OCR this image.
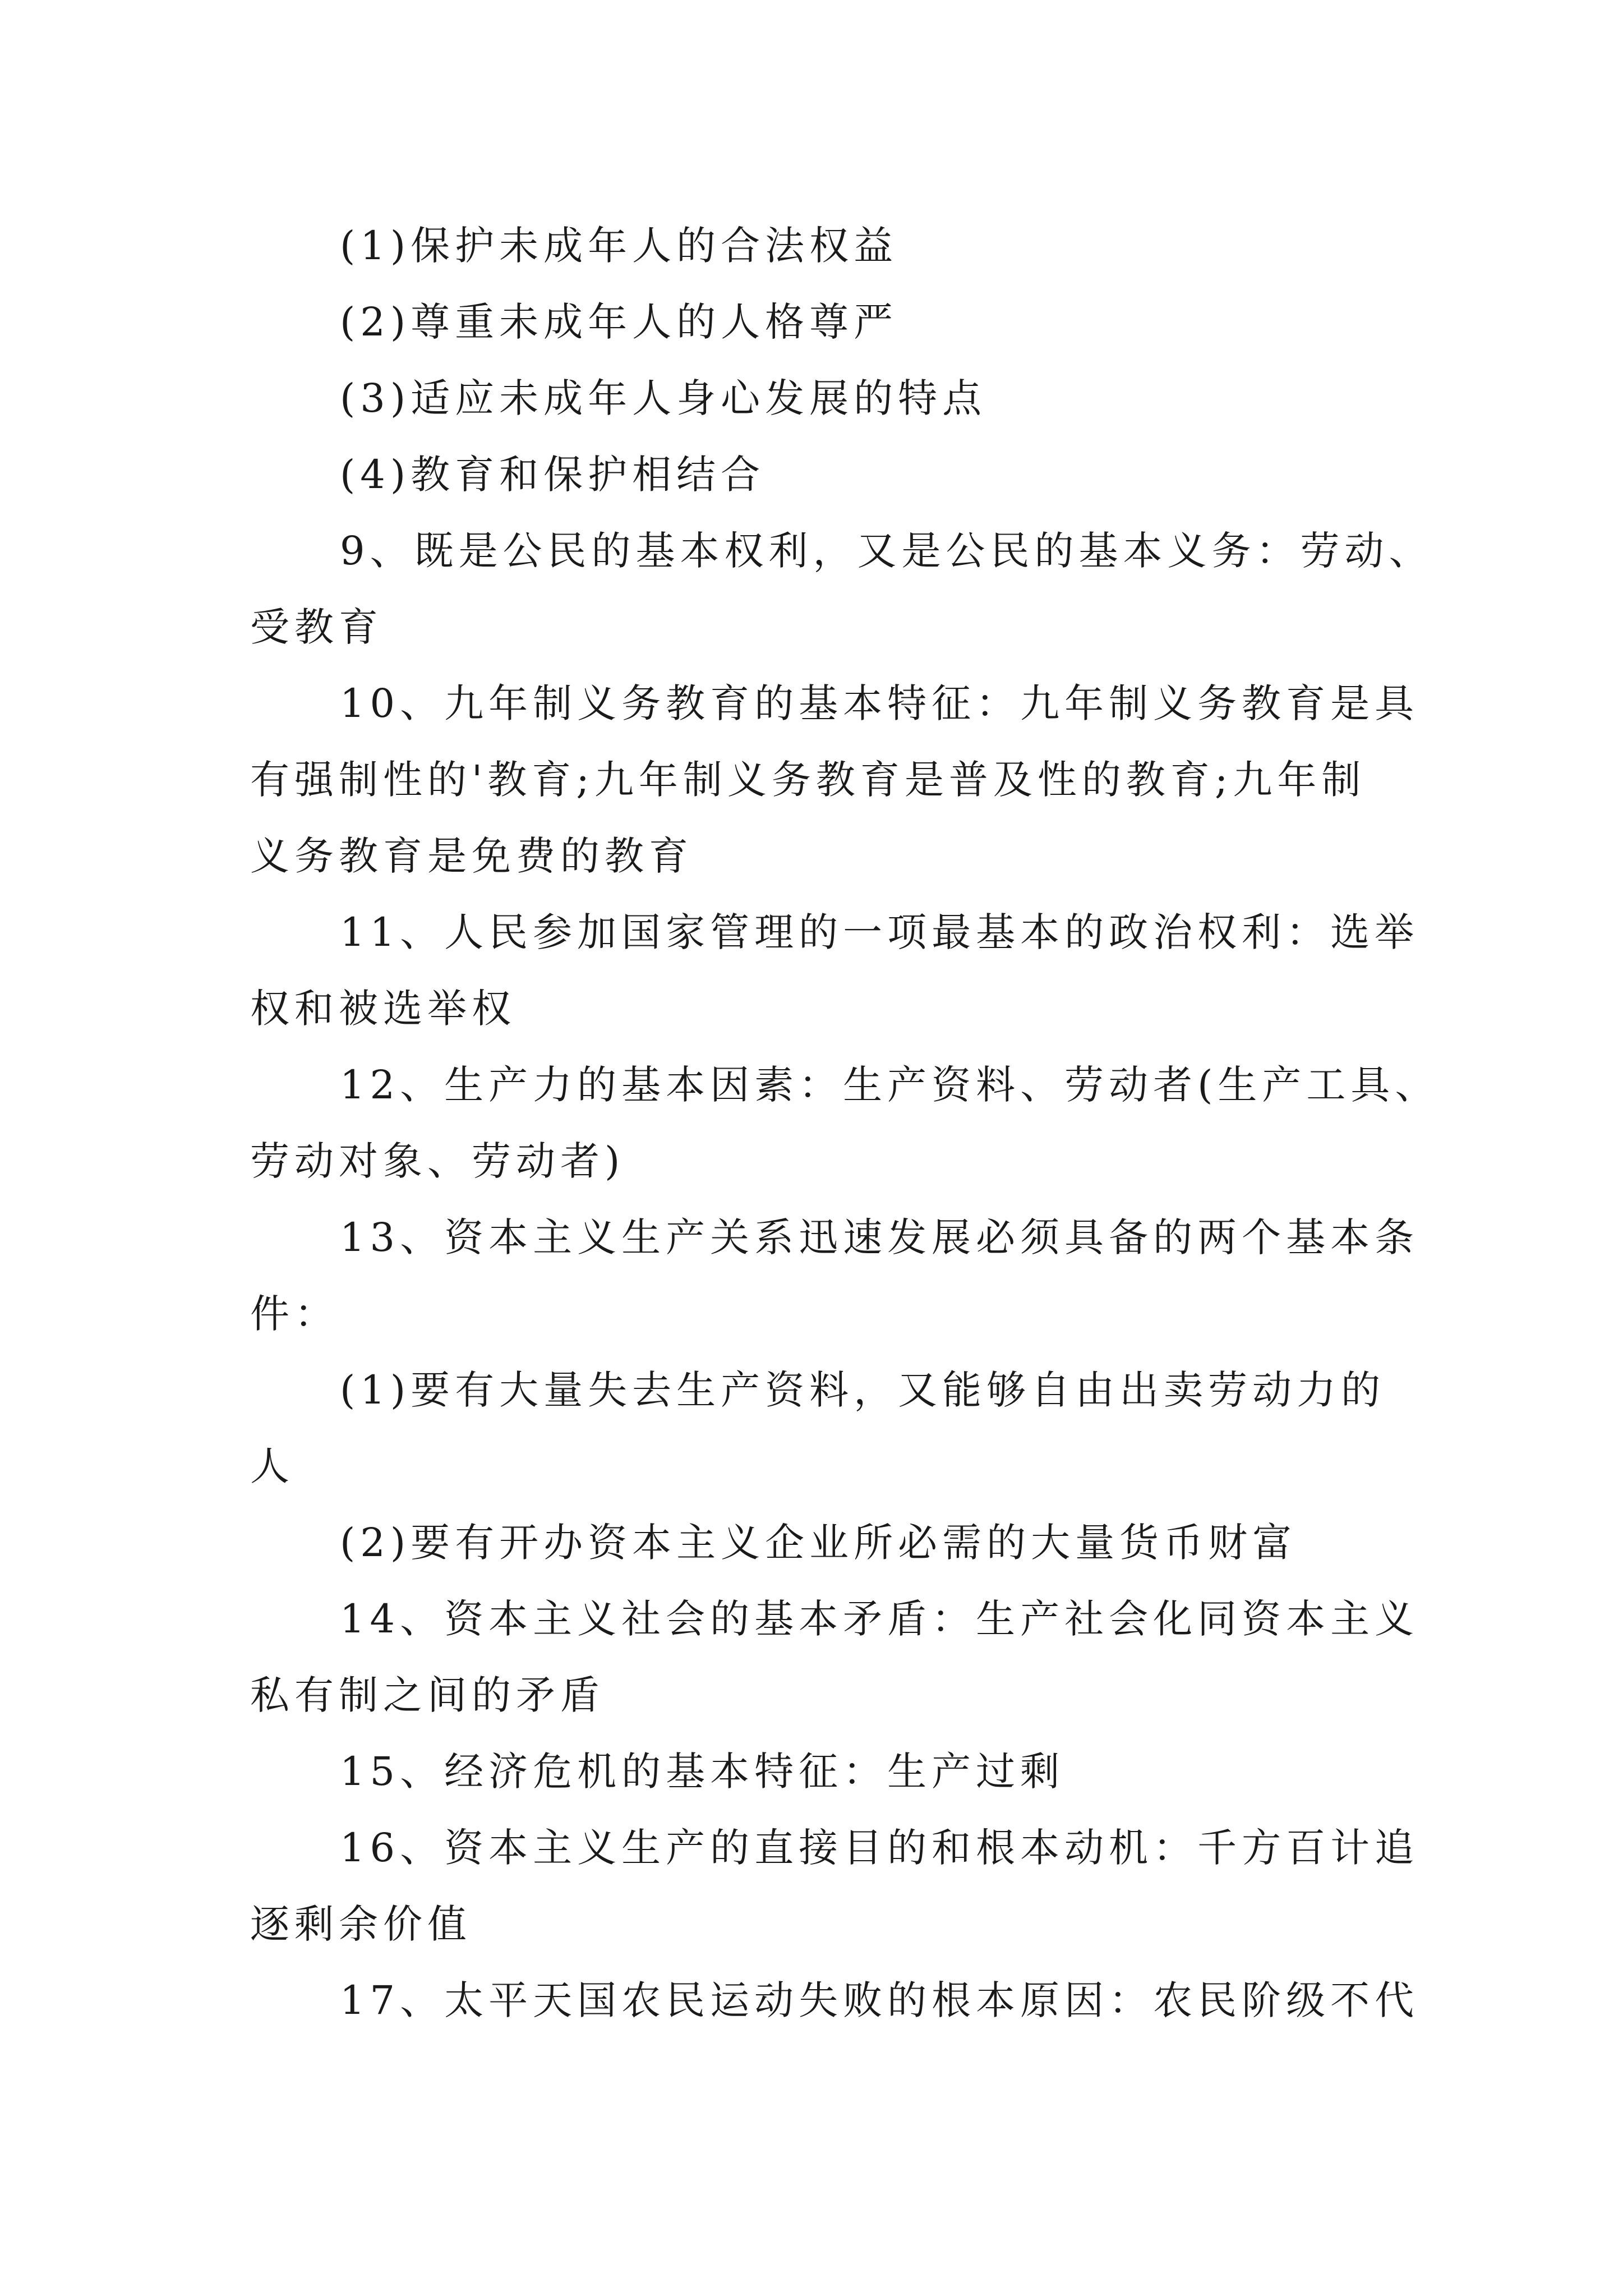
(1)保护未成年人的合法权益
(2)尊重未成年人的人格尊严
(3)适应未成年人身心发展的特点
(4)教育和保护相结合
9、既是公民的基本权利，又是公民的基本义务：劳动、
受教育
10、九年制义务教育的基本特征：九年制义务教育是具
有强制性的'教育;九年制义务教育是普及性的教育;九年制
义务教育是免费的教育
11、人民参加国家管理的一项最基本的政治权利：选举
权和被选举权
12、生产力的基本因素：生产资料、劳动者(生产工具、
劳动对象、劳动者)
13、资本主义生产关系迅速发展必须具备的两个基本条
件：
(1)要有大量失去生产资料，又能够自由出卖劳动力的
人
(2)要有开办资本主义企业所必需的大量货币财富
14、资本主义社会的基本矛盾：生产社会化同资本主义
私有制之间的矛盾
15、经济危机的基本特征：生产过剩
16、资本主义生产的直接目的和根本动机：千方百计追
逐剩余价值
17、太平天国农民运动失败的根本原因：农民阶级不代
